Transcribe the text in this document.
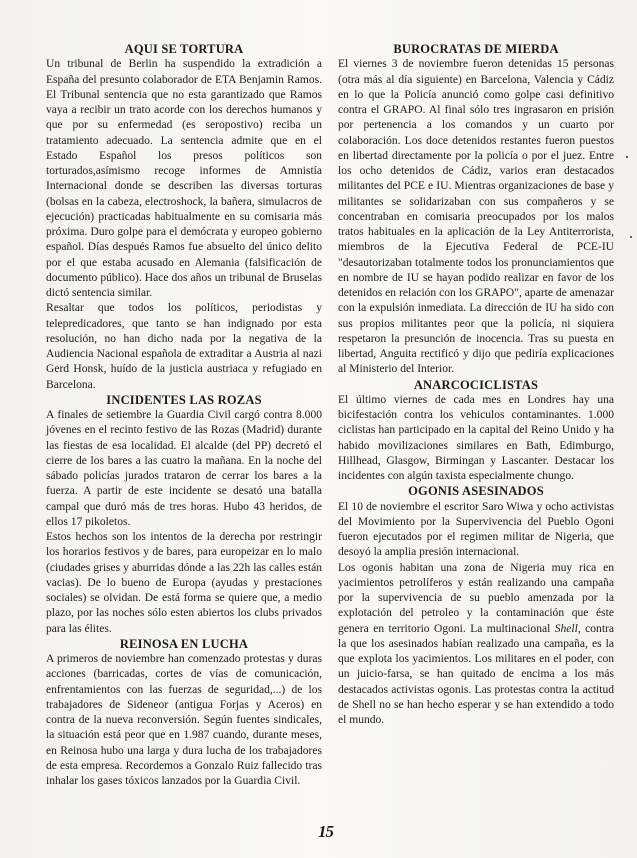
AQUI SE TORTURA

Un tribunal de Berlin ha suspendido la extradición a España del presunto colaborador de ETA Benjamin Ramos. El Tribunal sentencia que no esta garantizado que Ramos vaya a recibir un trato acorde con los derechos humanos y que por su enfermedad (es seropostivo) reciba un tratamiento adecuado. La sentencia admite que en el Estado Español los presos políticos son torturados,asímismo recoge informes de Amnistía Internacional donde se describen las diversas torturas (bolsas en la cabeza, electroshock, la bañera, simulacros de ejecución) practicadas habitualmente en su comisaria más próxima. Duro golpe para el demócrata y europeo gobierno español. Días después Ramos fue absuelto del único delito por el que estaba acusado en Alemania (falsificación de documento público). Hace dos años un tribunal de Bruselas dictó sentencia similar.

Resaltar que todos los políticos, periodistas y telepredicadores, que tanto se han indignado por esta resolución, no han dicho nada por la negativa de la Audiencia Nacional española de extraditar a Austria al nazi Gerd Honsk, huído de la justicia austriaca y refugiado en Barcelona.

INCIDENTES LAS ROZAS

A finales de setiembre la Guardia Civil cargó contra 8.000 jóvenes en el recinto festivo de las Rozas (Madrid) durante las fiestas de esa localidad. El alcalde (del PP) decretó el cierre de los bares a las cuatro la mañana. En la noche del sábado policías jurados trataron de cerrar los bares a la fuerza. A partir de este incidente se desató una batalla campal que duró más de tres horas. Hubo 43 heridos, de ellos 17 pikoletos.

Estos hechos son los intentos de la derecha por restringir los horarios festivos y de bares, para europeizar en lo malo (ciudades grises y aburridas dónde a las 22h las calles están vacias). De lo bueno de Europa (ayudas y prestaciones sociales) se olvidan. De está forma se quiere que, a medio plazo, por las noches sólo esten abiertos los clubs privados para las élites.

REINOSA EN LUCHA

A primeros de noviembre han comenzado protestas y duras acciones (barricadas, cortes de vías de comunicación, enfrentamientos con las fuerzas de seguridad,...) de los trabajadores de Sideneor (antigua Forjas y Aceros) en contra de la nueva reconversión. Según fuentes sindicales, la situación está peor que en 1.987 cuando, durante meses, en Reinosa hubo una larga y dura lucha de los trabajadores de esta empresa. Recordemos a Gonzalo Ruiz fallecido tras inhalar los gases tóxicos lanzados por la Guardia Civil.

BUROCRATAS DE MIERDA

El viernes 3 de noviembre fueron detenidas 15 personas (otra más al día siguiente) en Barcelona, Valencia y Cádiz en lo que la Policía anunció como golpe casi definitivo contra el GRAPO. Al final sólo tres ingrasaron en prisión por pertenencia a los comandos y un cuarto por colaboración. Los doce detenidos restantes fueron puestos en libertad directamente por la policía o por el juez. Entre los ocho detenidos de Cádiz, varios eran destacados militantes del PCE e IU. Mientras organizaciones de base y militantes se solidarizaban con sus compañeros y se concentraban en comisaria preocupados por los malos tratos habituales en la aplicación de la Ley Antiterrorista, miembros de la Ejecutiva Federal de PCE-IU "desautorizaban totalmente todos los pronunciamientos que en nombre de IU se hayan podido realizar en favor de los detenidos en relación con los GRAPO", aparte de amenazar con la expulsión inmediata. La dirección de IU ha sido con sus propios militantes peor que la policía, ni siquiera respetaron la presunción de inocencia. Tras su puesta en libertad, Anguita rectificó y dijo que pediría explicaciones al Ministerio del Interior.

ANARCOCICLISTAS

El último viernes de cada mes en Londres hay una bicifestación contra los vehiculos contaminantes. 1.000 ciclistas han participado en la capital del Reino Unido y ha habido movilizaciones similares en Bath, Edimburgo, Hillhead, Glasgow, Birmingan y Lascanter. Destacar los incidentes con algún taxista especialmente chungo.

OGONIS ASESINADOS

El 10 de noviembre el escritor Saro Wiwa y ocho activistas del Movimiento por la Supervivencia del Pueblo Ogoni fueron ejecutados por el regimen militar de Nigeria, que desoyó la amplia presión internacional.

Los ogonis habitan una zona de Nigeria muy rica en yacimientos petrolíferos y están realizando una campaña por la supervivencia de su pueblo amenzada por la explotación del petroleo y la contaminación que éste genera en territorio Ogoni. La multinacional Shell, contra la que los asesinados habían realizado una campaña, es la que explota los yacimientos. Los militares en el poder, con un juicio-farsa, se han quitado de encima a los más destacados activistas ogonis. Las protestas contra la actitud de Shell no se han hecho esperar y se han extendido a todo el mundo.

15
